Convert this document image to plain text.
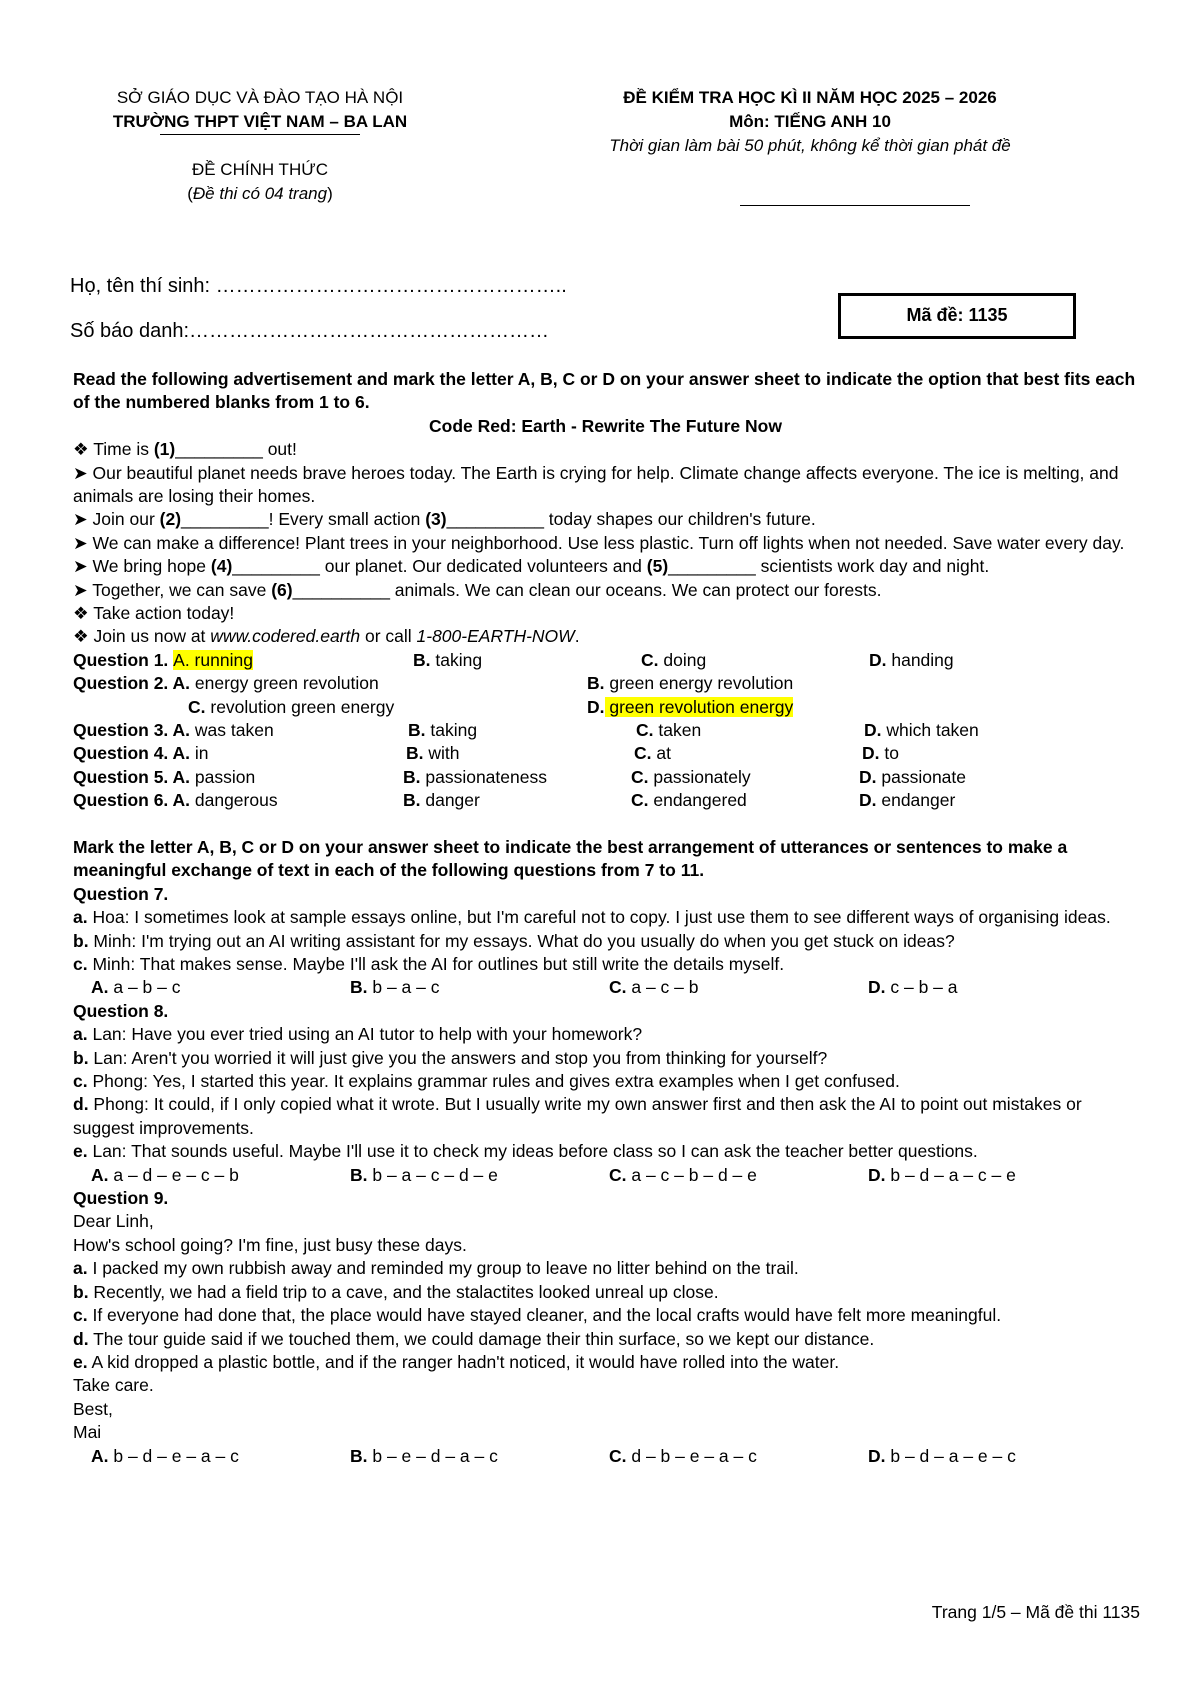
SỞ GIÁO DỤC VÀ ĐÀO TẠO HÀ NỘI
TRƯỜNG THPT VIỆT NAM – BA LAN
ĐỀ CHÍNH THỨC
(Đề thi có 04 trang)
ĐỀ KIỂM TRA HỌC KÌ II NĂM HỌC 2025 – 2026
Môn: TIẾNG ANH 10
Thời gian làm bài 50 phút, không kể thời gian phát đề
Họ, tên thí sinh: ……………………………………………..
Số báo danh:………………………………………………
Mã đề: 1135

Read the following advertisement and mark the letter A, B, C or D on your answer sheet to indicate the option that best fits each of the numbered blanks from 1 to 6.

Code Red: Earth - Rewrite The Future Now

❖ Time is (1)_________ out!

➤ Our beautiful planet needs brave heroes today. The Earth is crying for help. Climate change affects everyone. The ice is melting, and animals are losing their homes.

➤ Join our (2)_________! Every small action (3)__________ today shapes our children's future.

➤ We can make a difference! Plant trees in your neighborhood. Use less plastic. Turn off lights when not needed. Save water every day.

➤ We bring hope (4)_________ our planet. Our dedicated volunteers and (5)_________ scientists work day and night.

➤ Together, we can save (6)__________ animals. We can clean our oceans. We can protect our forests.

❖ Take action today!

❖ Join us now at www.codered.earth or call 1-800-EARTH-NOW.

Question 1. A. running	B. taking	C. doing	D. handing
Question 2. A. energy green revolution	B. green energy revolution
C. revolution green energy	D. green revolution energy
Question 3. A. was taken	B. taking	C. taken	D. which taken
Question 4. A. in	B. with	C. at	D. to
Question 5. A. passion	B. passionateness	C. passionately	D. passionate
Question 6. A. dangerous	B. danger	C. endangered	D. endanger

Mark the letter A, B, C or D on your answer sheet to indicate the best arrangement of utterances or sentences to make a meaningful exchange of text in each of the following questions from 7 to 11.

Question 7.

a. Hoa: I sometimes look at sample essays online, but I'm careful not to copy. I just use them to see different ways of organising ideas.

b. Minh: I'm trying out an AI writing assistant for my essays. What do you usually do when you get stuck on ideas?

c. Minh: That makes sense. Maybe I'll ask the AI for outlines but still write the details myself.

A. a – b – c	B. b – a – c	C. a – c – b	D. c – b – a

Question 8.

a. Lan: Have you ever tried using an AI tutor to help with your homework?

b. Lan: Aren't you worried it will just give you the answers and stop you from thinking for yourself?

c. Phong: Yes, I started this year. It explains grammar rules and gives extra examples when I get confused.

d. Phong: It could, if I only copied what it wrote. But I usually write my own answer first and then ask the AI to point out mistakes or suggest improvements.

e. Lan: That sounds useful. Maybe I'll use it to check my ideas before class so I can ask the teacher better questions.

A. a – d – e – c – b	B. b – a – c – d – e	C. a – c – b – d – e	D. b – d – a – c – e

Question 9.

Dear Linh,

How's school going? I'm fine, just busy these days.

a. I packed my own rubbish away and reminded my group to leave no litter behind on the trail.

b. Recently, we had a field trip to a cave, and the stalactites looked unreal up close.

c. If everyone had done that, the place would have stayed cleaner, and the local crafts would have felt more meaningful.

d. The tour guide said if we touched them, we could damage their thin surface, so we kept our distance.

e. A kid dropped a plastic bottle, and if the ranger hadn't noticed, it would have rolled into the water.

Take care.

Best,

Mai

A. b – d – e – a – c	B. b – e – d – a – c	C. d – b – e – a – c	D. b – d – a – e – c
Trang 1/5 – Mã đề thi 1135
